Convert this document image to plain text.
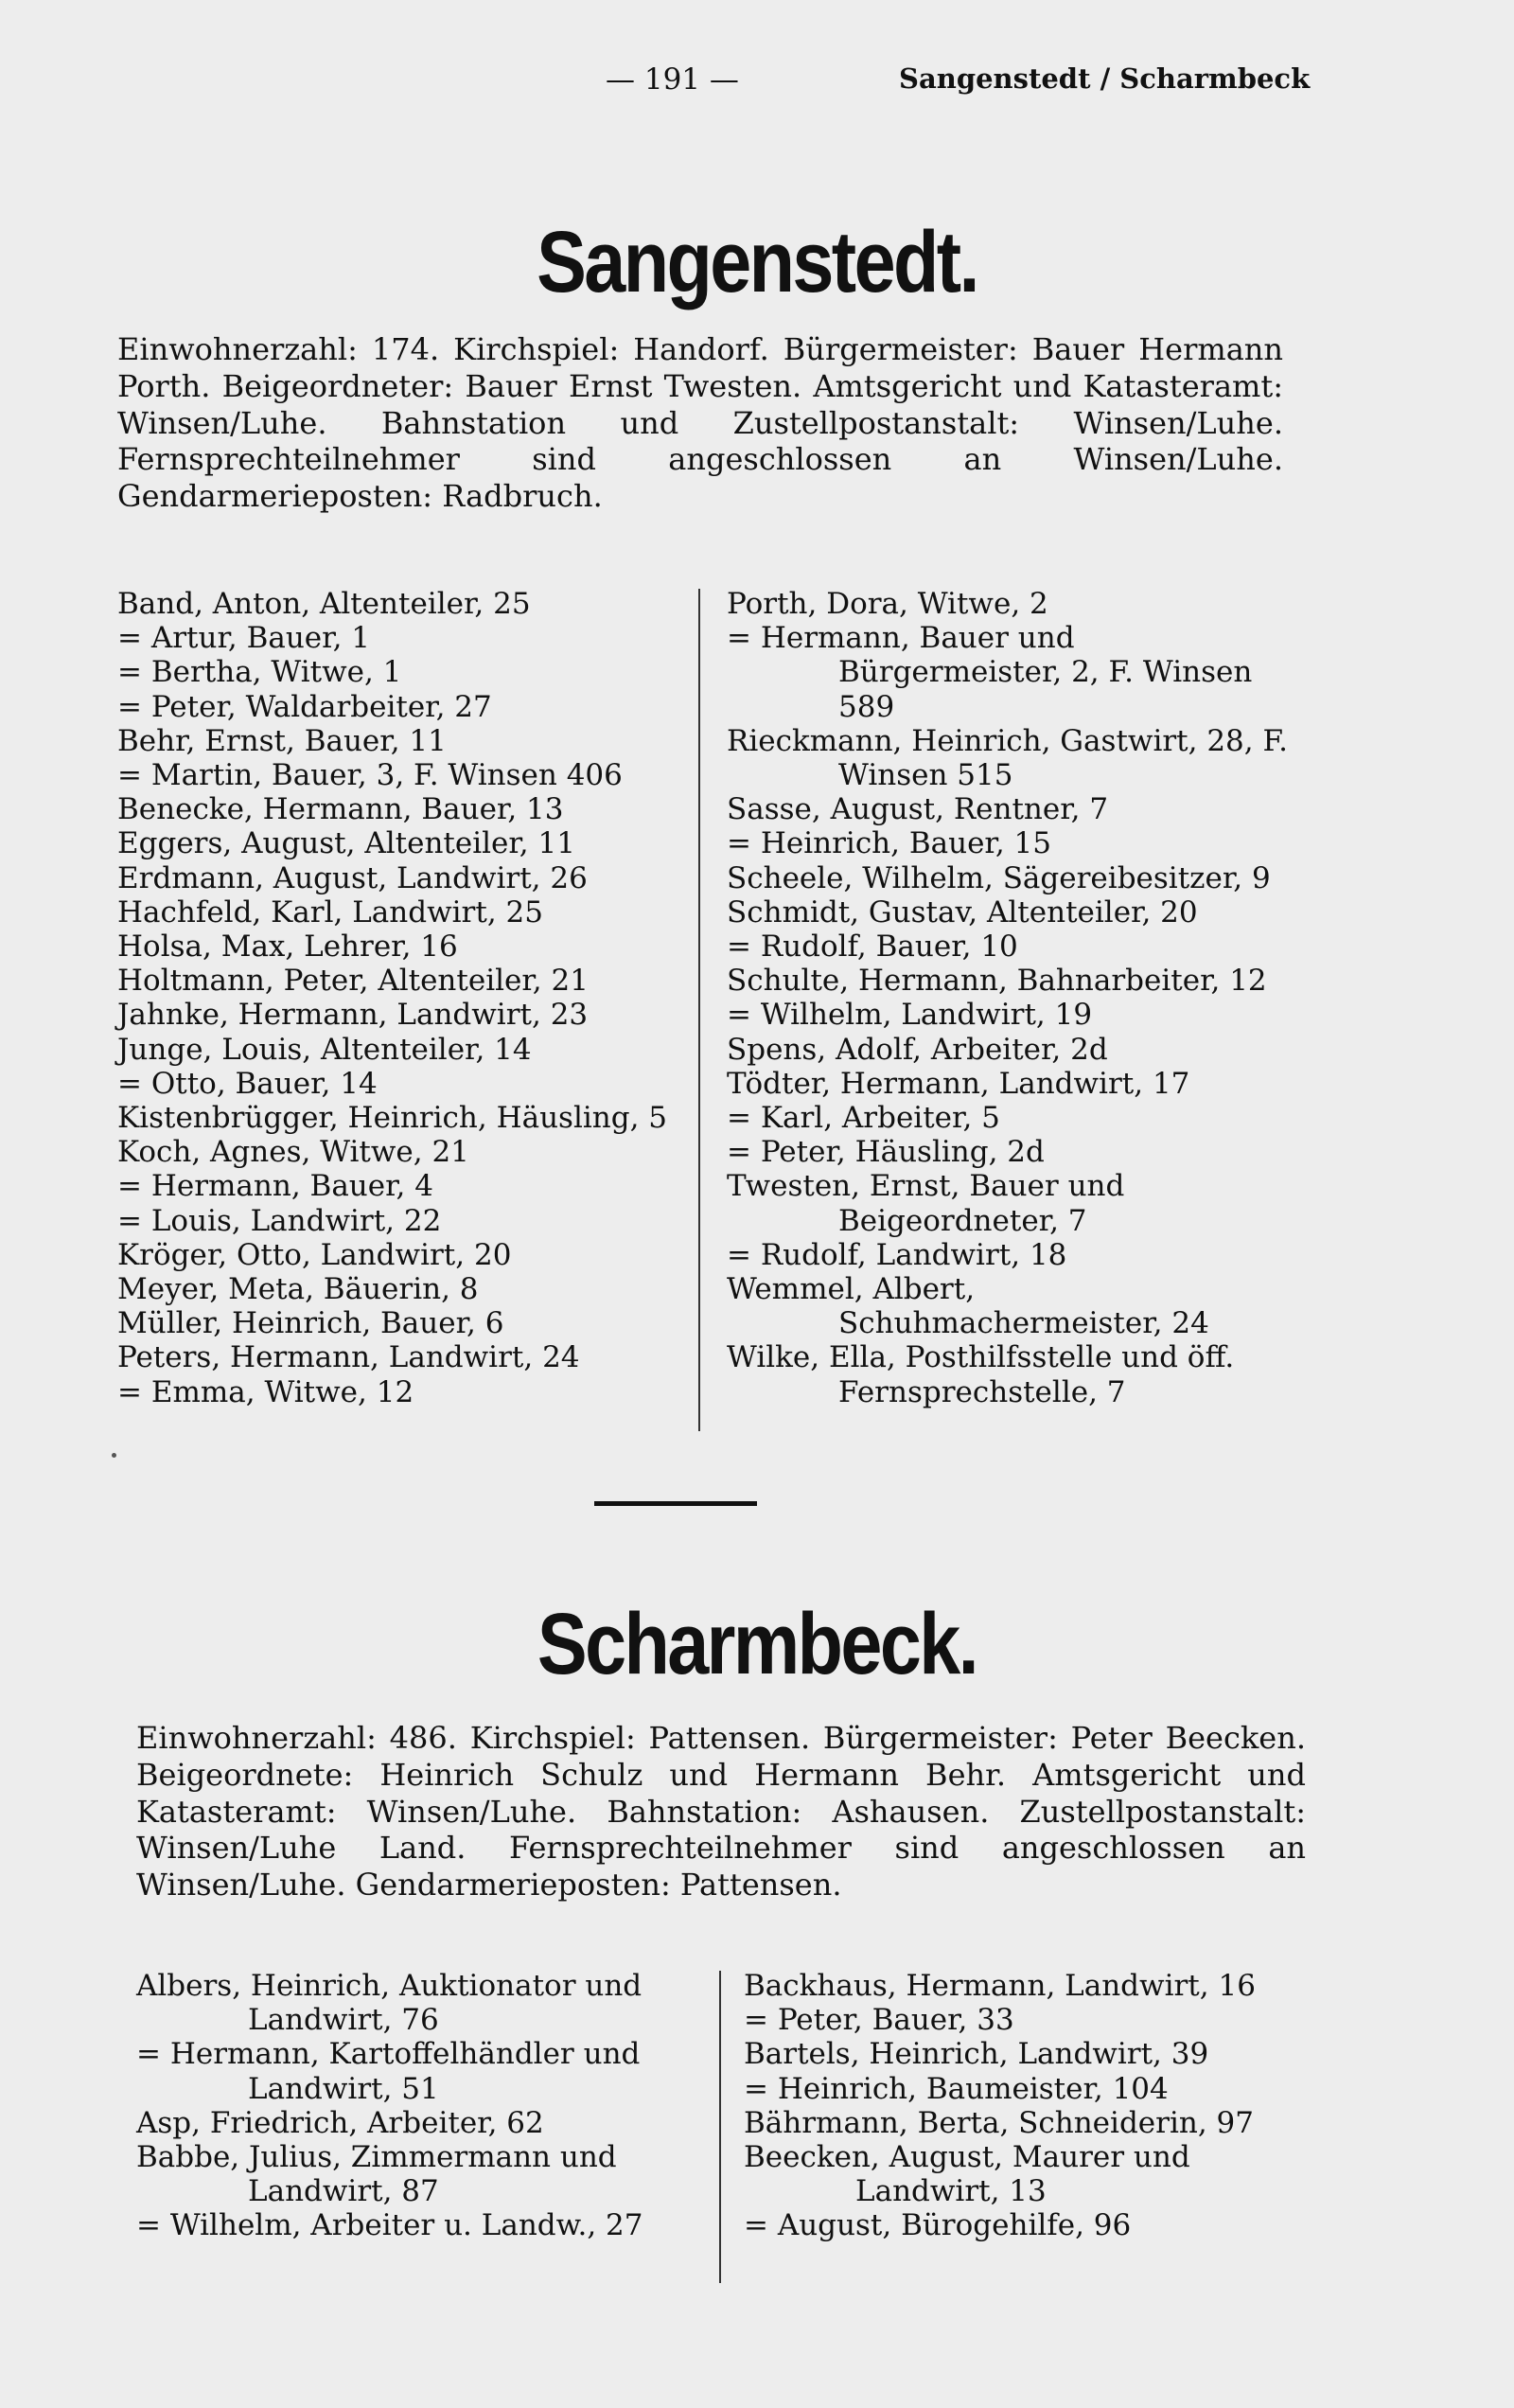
— 191 —	Sangenstedt / Scharmbeck
Sangenstedt.

Einwohnerzahl: 174. Kirchspiel: Handorf. Bürgermeister: Bauer Hermann Porth. Beigeordneter: Bauer Ernst Twesten. Amtsgericht und Katasteramt: Winsen/Luhe. Bahnstation und Zustellpostanstalt: Winsen/Luhe. Fernsprechteilnehmer sind angeschlossen an Winsen/Luhe. Gendarmerieposten: Radbruch.

Band, Anton, Altenteiler, 25
= Artur, Bauer, 1
= Bertha, Witwe, 1
= Peter, Waldarbeiter, 27
Behr, Ernst, Bauer, 11
= Martin, Bauer, 3, F. Winsen 406
Benecke, Hermann, Bauer, 13
Eggers, August, Altenteiler, 11
Erdmann, August, Landwirt, 26
Hachfeld, Karl, Landwirt, 25
Holsa, Max, Lehrer, 16
Holtmann, Peter, Altenteiler, 21
Jahnke, Hermann, Landwirt, 23
Junge, Louis, Altenteiler, 14
= Otto, Bauer, 14
Kistenbrügger, Heinrich, Häusling, 5
Koch, Agnes, Witwe, 21
= Hermann, Bauer, 4
= Louis, Landwirt, 22
Kröger, Otto, Landwirt, 20
Meyer, Meta, Bäuerin, 8
Müller, Heinrich, Bauer, 6
Peters, Hermann, Landwirt, 24
= Emma, Witwe, 12
Porth, Dora, Witwe, 2
= Hermann, Bauer und Bürgermeister, 2, F. Winsen 589
Rieckmann, Heinrich, Gastwirt, 28, F. Winsen 515
Sasse, August, Rentner, 7
= Heinrich, Bauer, 15
Scheele, Wilhelm, Sägereibesitzer, 9
Schmidt, Gustav, Altenteiler, 20
= Rudolf, Bauer, 10
Schulte, Hermann, Bahnarbeiter, 12
= Wilhelm, Landwirt, 19
Spens, Adolf, Arbeiter, 2d
Tödter, Hermann, Landwirt, 17
= Karl, Arbeiter, 5
= Peter, Häusling, 2d
Twesten, Ernst, Bauer und Beigeordneter, 7
= Rudolf, Landwirt, 18
Wemmel, Albert, Schuhmachermeister, 24
Wilke, Ella, Posthilfsstelle und öff. Fernsprechstelle, 7
Scharmbeck.

Einwohnerzahl: 486. Kirchspiel: Pattensen. Bürgermeister: Peter Beecken. Beigeordnete: Heinrich Schulz und Hermann Behr. Amtsgericht und Katasteramt: Winsen/Luhe. Bahnstation: Ashausen. Zustellpostanstalt: Winsen/Luhe Land. Fernsprechteilnehmer sind angeschlossen an Winsen/Luhe. Gendarmerieposten: Pattensen.

Albers, Heinrich, Auktionator und Landwirt, 76
= Hermann, Kartoffelhändler und Landwirt, 51
Asp, Friedrich, Arbeiter, 62
Babbe, Julius, Zimmermann und Landwirt, 87
= Wilhelm, Arbeiter u. Landw., 27
Backhaus, Hermann, Landwirt, 16
= Peter, Bauer, 33
Bartels, Heinrich, Landwirt, 39
= Heinrich, Baumeister, 104
Bährmann, Berta, Schneiderin, 97
Beecken, August, Maurer und Landwirt, 13
= August, Bürogehilfe, 96
